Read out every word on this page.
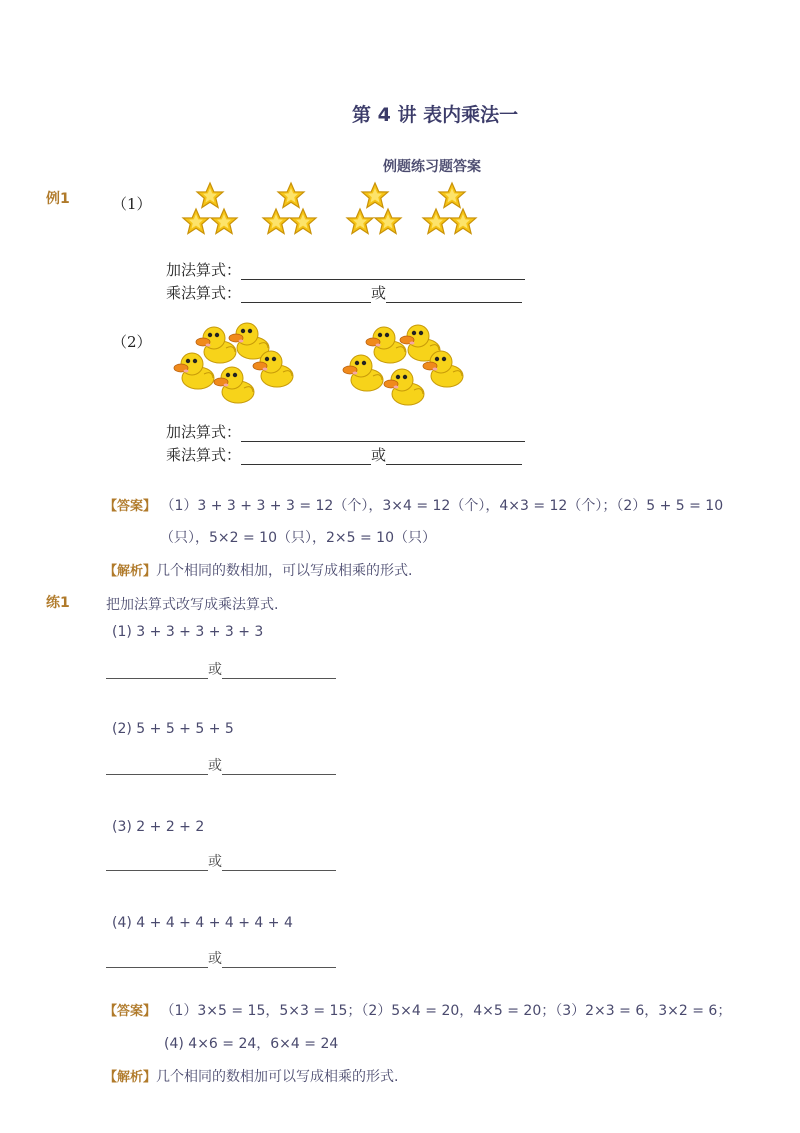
第 4 讲 表内乘法一
例题练习题答案
例1	（1）
加法算式：
乘法算式：	或
（2）
加法算式：
乘法算式：	或
【答案】 （1）3 + 3 + 3 + 3 = 12（个），3×4 = 12（个），4×3 = 12（个）；（2）5 + 5 = 10
（只），5×2 = 10（只），2×5 = 10（只）
【解析】几个相同的数相加，可以写成相乘的形式.
练1	把加法算式改写成乘法算式.
(1) 3 + 3 + 3 + 3 + 3
或
(2) 5 + 5 + 5 + 5
或
(3) 2 + 2 + 2
或
(4) 4 + 4 + 4 + 4 + 4 + 4
或
【答案】 （1）3×5 = 15，5×3 = 15；（2）5×4 = 20，4×5 = 20；（3）2×3 = 6，3×2 = 6；
(4) 4×6 = 24，6×4 = 24
【解析】几个相同的数相加可以写成相乘的形式.
